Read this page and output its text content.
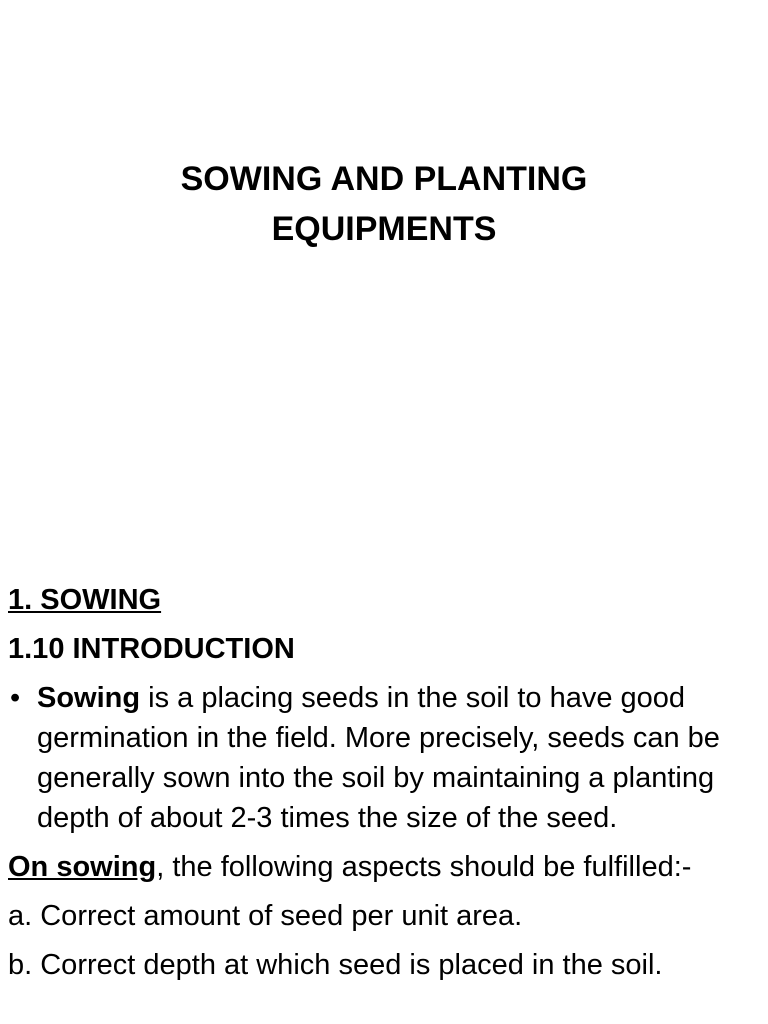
SOWING AND PLANTING
EQUIPMENTS
1. SOWING
1.10 INTRODUCTION
• Sowing is a placing seeds in the soil to have good germination in the field. More precisely, seeds can be generally sown into the soil by maintaining a planting depth of about 2-3 times the size of the seed.
On sowing, the following aspects should be fulfilled:-
a. Correct amount of seed per unit area.
b. Correct depth at which seed is placed in the soil.
